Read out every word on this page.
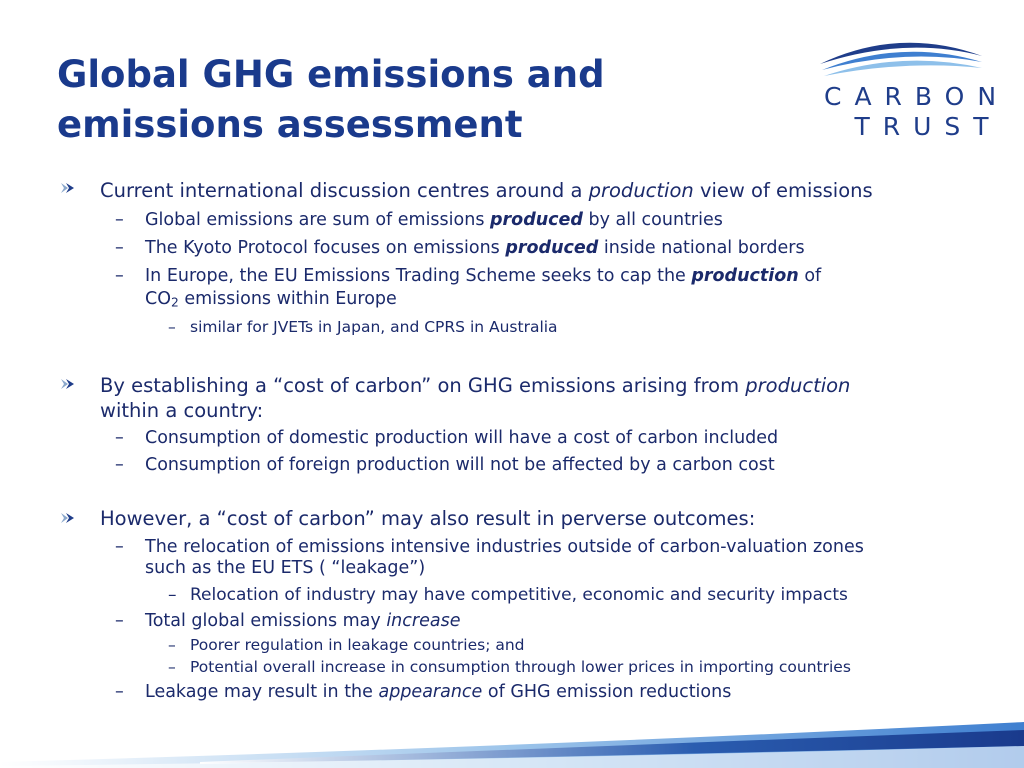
Global GHG emissions and
emissions assessment
CARBON
TRUST
Current international discussion centres around a production view of emissions
– Global emissions are sum of emissions produced by all countries
– The Kyoto Protocol focuses on emissions produced inside national borders
– In Europe, the EU Emissions Trading Scheme seeks to cap the production of
$CO_2$ emissions within Europe
– similar for JVETs in Japan, and CPRS in Australia
By establishing a “cost of carbon” on GHG emissions arising from production
within a country:
– Consumption of domestic production will have a cost of carbon included
– Consumption of foreign production will not be affected by a carbon cost
However, a “cost of carbon” may also result in perverse outcomes:
– The relocation of emissions intensive industries outside of carbon-valuation zones
such as the EU ETS ( “leakage”)
– Relocation of industry may have competitive, economic and security impacts
– Total global emissions may increase
– Poorer regulation in leakage countries; and
– Potential overall increase in consumption through lower prices in importing countries
– Leakage may result in the appearance of GHG emission reductions
